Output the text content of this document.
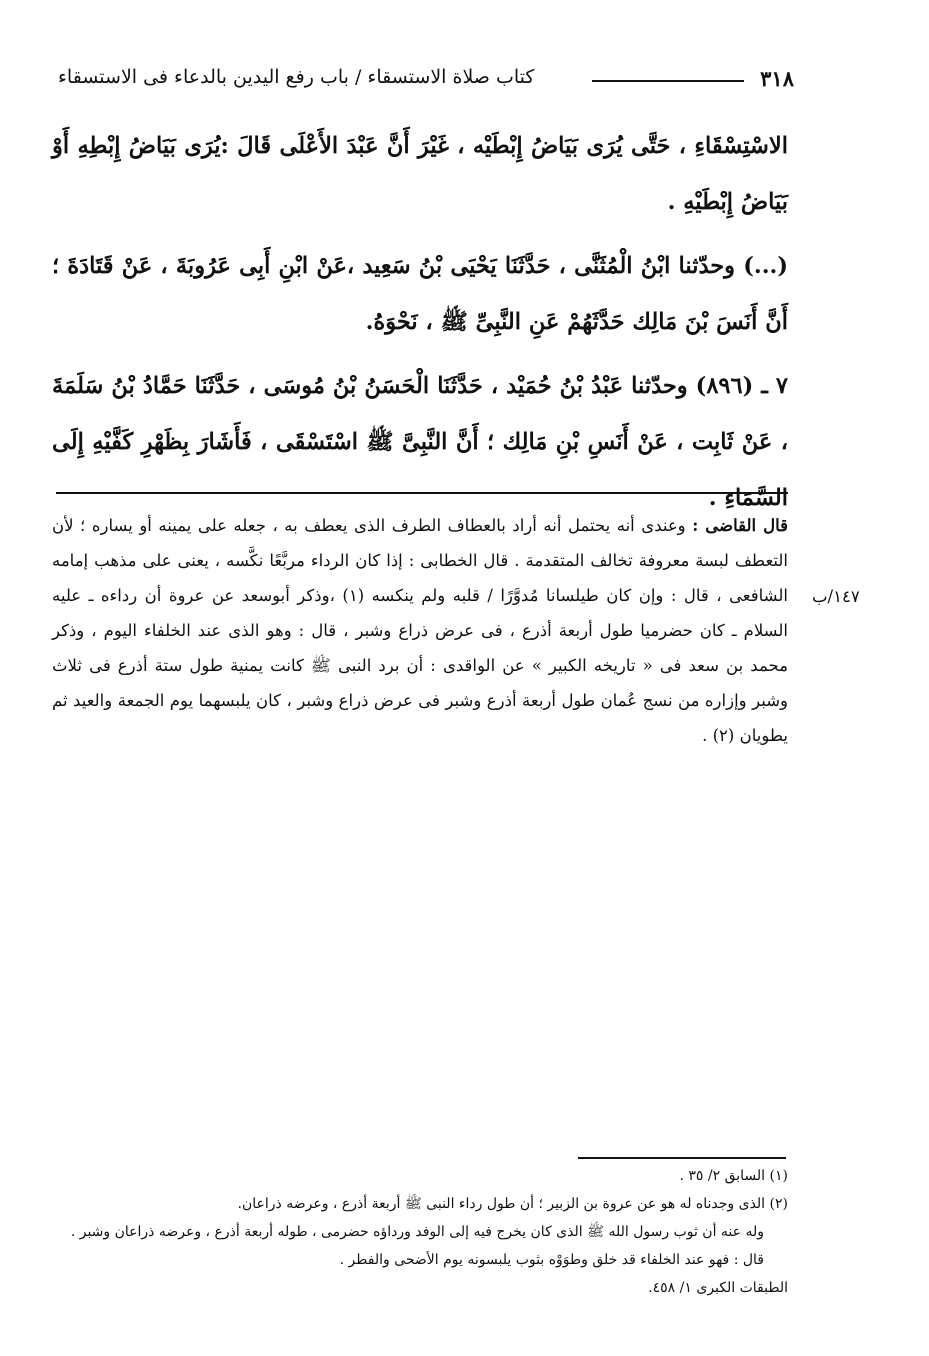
٣١٨
كتاب صلاة الاستسقاء / باب رفع اليدين بالدعاء فى الاستسقاء

الاسْتِسْقَاءِ ، حَتَّى يُرَى بَيَاضُ إِبْطَيْه ، غَيْرَ أَنَّ عَبْدَ الأَعْلَى قَالَ :يُرَى بَيَاضُ إِبْطِهِ أَوْ بَيَاضُ إِبْطَيْهِ .

(...) وحدّثنا ابْنُ الْمُثَنَّى ، حَدَّثَنَا يَحْيَى بْنُ سَعِيد ،عَنْ ابْنِ أَبِى عَرُوبَةَ ، عَنْ قَتَادَةَ ؛ أَنَّ أَنَسَ بْنَ مَالِك حَدَّثَهُمْ عَنِ النَّبِىِّ ﷺ ، نَحْوَهُ.

٧ ـ (٨٩٦) وحدّثنا عَبْدُ بْنُ حُمَيْد ، حَدَّثَنَا الْحَسَنُ بْنُ مُوسَى ، حَدَّثَنَا حَمَّادُ بْنُ سَلَمَةَ ، عَنْ ثَابِت ، عَنْ أَنَسِ بْنِ مَالِك ؛ أَنَّ النَّبِىَّ ﷺ اسْتَسْقَى ، فَأَشَارَ بِظَهْرِ كَفَّيْهِ إِلَى السَّمَاءِ .

قال القاضى : وعندى أنه يحتمل أنه أراد بالعطاف الطرف الذى يعطف به ، جعله على يمينه أو يساره ؛ لأن التعطف لبسة معروفة تخالف المتقدمة . قال الخطابى : إذا كان الرداء مربَّعًا نكَّسه ، يعنى على مذهب إمامه الشافعى ، قال : وإن كان طيلسانا مُدوَّرًا / قلبه ولم ينكسه (١) ،وذكر أبوسعد عن عروة أن رداءه ـ عليه السلام ـ كان حضرميا طول أربعة أذرع ، فى عرض ذراع وشبر ، قال : وهو الذى عند الخلفاء اليوم ، وذكر محمد بن سعد فى « تاريخه الكبير » عن الواقدى : أن برد النبى ﷺ كانت يمنية طول ستة أذرع فى ثلاث وشبر وإزاره من نسج عُمان طول أربعة أذرع وشبر فى عرض ذراع وشبر ، كان يلبسهما يوم الجمعة والعيد ثم يطويان (٢) .

١٤٧/ب

(١) السابق ٢/ ٣٥ .

(٢) الذى وجدناه له هو عن عروة بن الزبير ؛ أن طول رداء النبى ﷺ أربعة أذرع ، وعرضه ذراعان.

وله عنه أن ثوب رسول الله ﷺ الذى كان يخرج فيه إلى الوفد ورداؤه حضرمى ، طوله أربعة أذرع ، وعرضه ذراعان وشبر . قال : فهو عند الخلفاء قد خلق وطوَوْه بثوب يلبسونه يوم الأضحى والفطر .

الطبقات الكبرى ١/ ٤٥٨.
